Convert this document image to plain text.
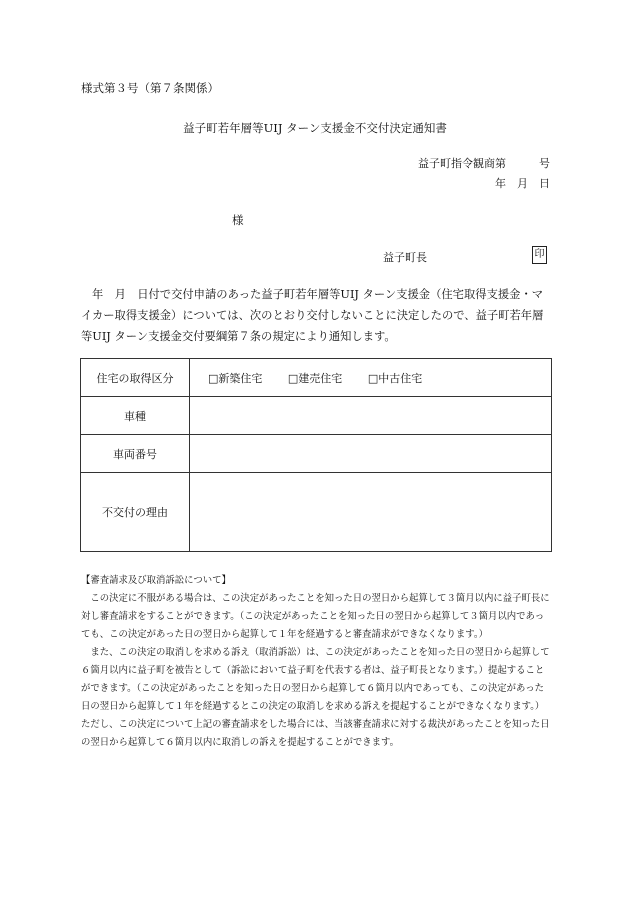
様式第３号（第７条関係）
益子町若年層等UIJ ターン支援金不交付決定通知書
益子町指令観商第　　　号
年　月　日
様
益子町長	印
年　月　日付で交付申請のあった益子町若年層等UIJ ターン支援金（住宅取得支援金・マイカー取得支援金）については、次のとおり交付しないことに決定したので、益子町若年層等UIJ ターン支援金交付要綱第７条の規定により通知します。
住宅の取得区分	□新築住宅 □建売住宅 □中古住宅
車種	
車両番号	
不交付の理由	

【審査請求及び取消訴訟について】

この決定に不服がある場合は、この決定があったことを知った日の翌日から起算して３箇月以内に益子町長に対し審査請求をすることができます。（この決定があったことを知った日の翌日から起算して３箇月以内であっても、この決定があった日の翌日から起算して１年を経過すると審査請求ができなくなります。）

また、この決定の取消しを求める訴え（取消訴訟）は、この決定があったことを知った日の翌日から起算して６箇月以内に益子町を被告として（訴訟において益子町を代表する者は、益子町長となります。）提起することができます。（この決定があったことを知った日の翌日から起算して６箇月以内であっても、この決定があった日の翌日から起算して１年を経過するとこの決定の取消しを求める訴えを提起することができなくなります。）ただし、この決定について上記の審査請求をした場合には、当該審査請求に対する裁決があったことを知った日の翌日から起算して６箇月以内に取消しの訴えを提起することができます。
